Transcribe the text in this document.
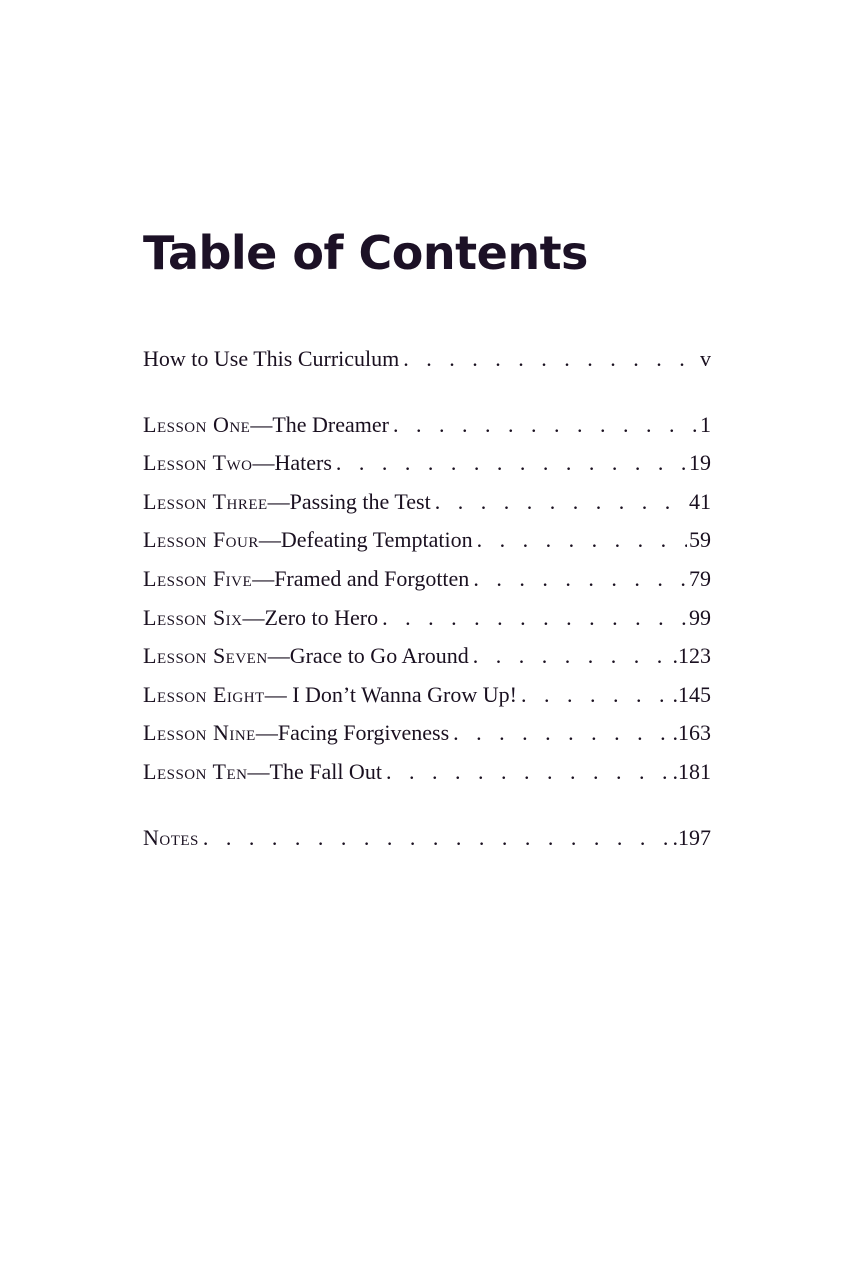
Table of Contents
How to Use This Curriculum . . .	v
Lesson One—The Dreamer . . .	1
Lesson Two—Haters . . .	19
Lesson Three—Passing the Test . . .	41
Lesson Four—Defeating Temptation . . .	59
Lesson Five—Framed and Forgotten . . .	79
Lesson Six—Zero to Hero . . .	99
Lesson Seven—Grace to Go Around . . .	.123
Lesson Eight— I Don’t Wanna Grow Up! . . .	.145
Lesson Nine—Facing Forgiveness . . .	.163
Lesson Ten—The Fall Out . . .	.181
Notes . . .	.197
